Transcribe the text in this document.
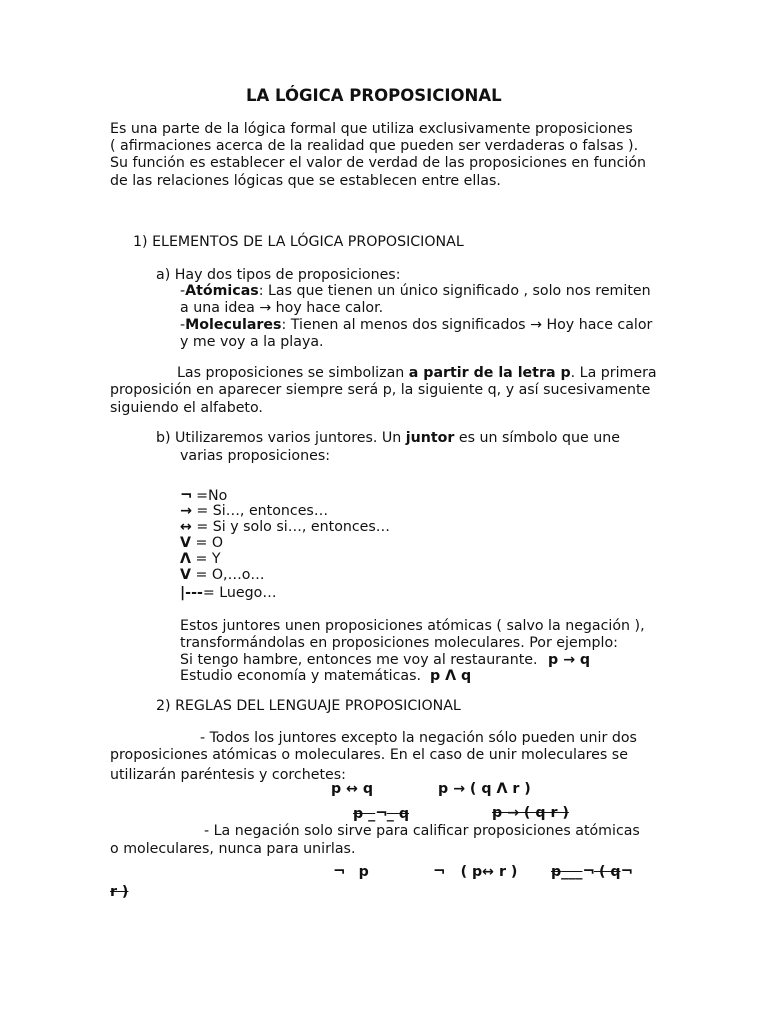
LA LÓGICA PROPOSICIONAL
Es una parte de la lógica formal que utiliza exclusivamente proposiciones
( afirmaciones acerca de la realidad que pueden ser verdaderas o falsas ).
Su función es establecer el valor de verdad de las proposiciones en función
de las relaciones lógicas que se establecen entre ellas.
1) ELEMENTOS DE LA LÓGICA PROPOSICIONAL
a) Hay dos tipos de proposiciones:
-Atómicas: Las que tienen un único significado , solo nos remiten
a una idea → hoy hace calor.
-Moleculares: Tienen al menos dos significados → Hoy hace calor
y me voy a la playa.
Las proposiciones se simbolizan a partir de la letra p. La primera
proposición en aparecer siempre será p, la siguiente q, y así sucesivamente
siguiendo el alfabeto.
b) Utilizaremos varios juntores. Un juntor es un símbolo que une
varias proposiciones:
¬ =No
→ = Si…, entonces…
↔ = Si y solo si…, entonces…
V = O
Λ = Y
V = O,…o…
|---= Luego…
Estos juntores unen proposiciones atómicas ( salvo la negación ),
transformándolas en proposiciones moleculares. Por ejemplo:
Si tengo hambre, entonces me voy al restaurante. p → q
Estudio economía y matemáticas. p Λ q
2) REGLAS DEL LENGUAJE PROPOSICIONAL
- Todos los juntores excepto la negación sólo pueden unir dos
proposiciones atómicas o moleculares. En el caso de unir moleculares se
utilizarán paréntesis y corchetes:
p ↔ q	p → ( q Λ r )
p _¬_ q	p → ( q r )
- La negación solo sirve para calificar proposiciones atómicas
o moleculares, nunca para unirlas.
¬ p	¬ ( p↔ r ) p___¬ ( q¬
r )
